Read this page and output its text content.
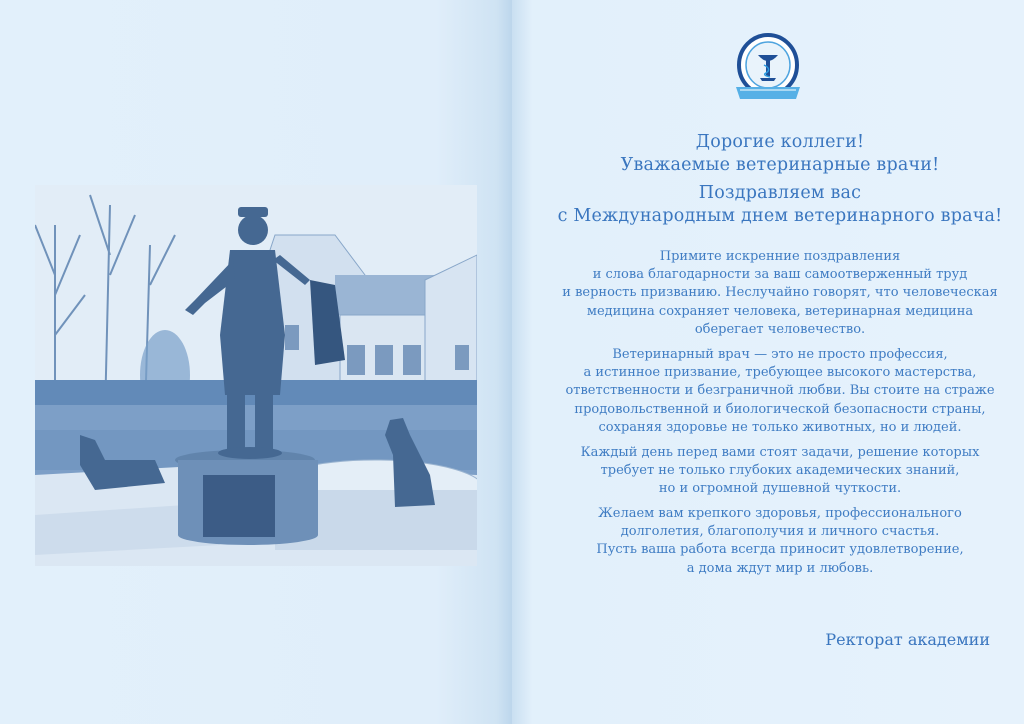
Дорогие коллеги!
Уважаемые ветеринарные врачи!
Поздравляем вас
с Международным днем ветеринарного врача!
Примите искренние поздравления
и слова благодарности за ваш самоотверженный труд
и верность призванию. Неслучайно говорят, что человеческая
медицина сохраняет человека, ветеринарная медицина
оберегает человечество.
Ветеринарный врач — это не просто профессия,
а истинное призвание, требующее высокого мастерства,
ответственности и безграничной любви. Вы стоите на страже
продовольственной и биологической безопасности страны,
сохраняя здоровье не только животных, но и людей.
Каждый день перед вами стоят задачи, решение которых
требует не только глубоких академических знаний,
но и огромной душевной чуткости.
Желаем вам крепкого здоровья, профессионального
долголетия, благополучия и личного счастья.
Пусть ваша работа всегда приносит удовлетворение,
а дома ждут мир и любовь.
Ректорат академии
